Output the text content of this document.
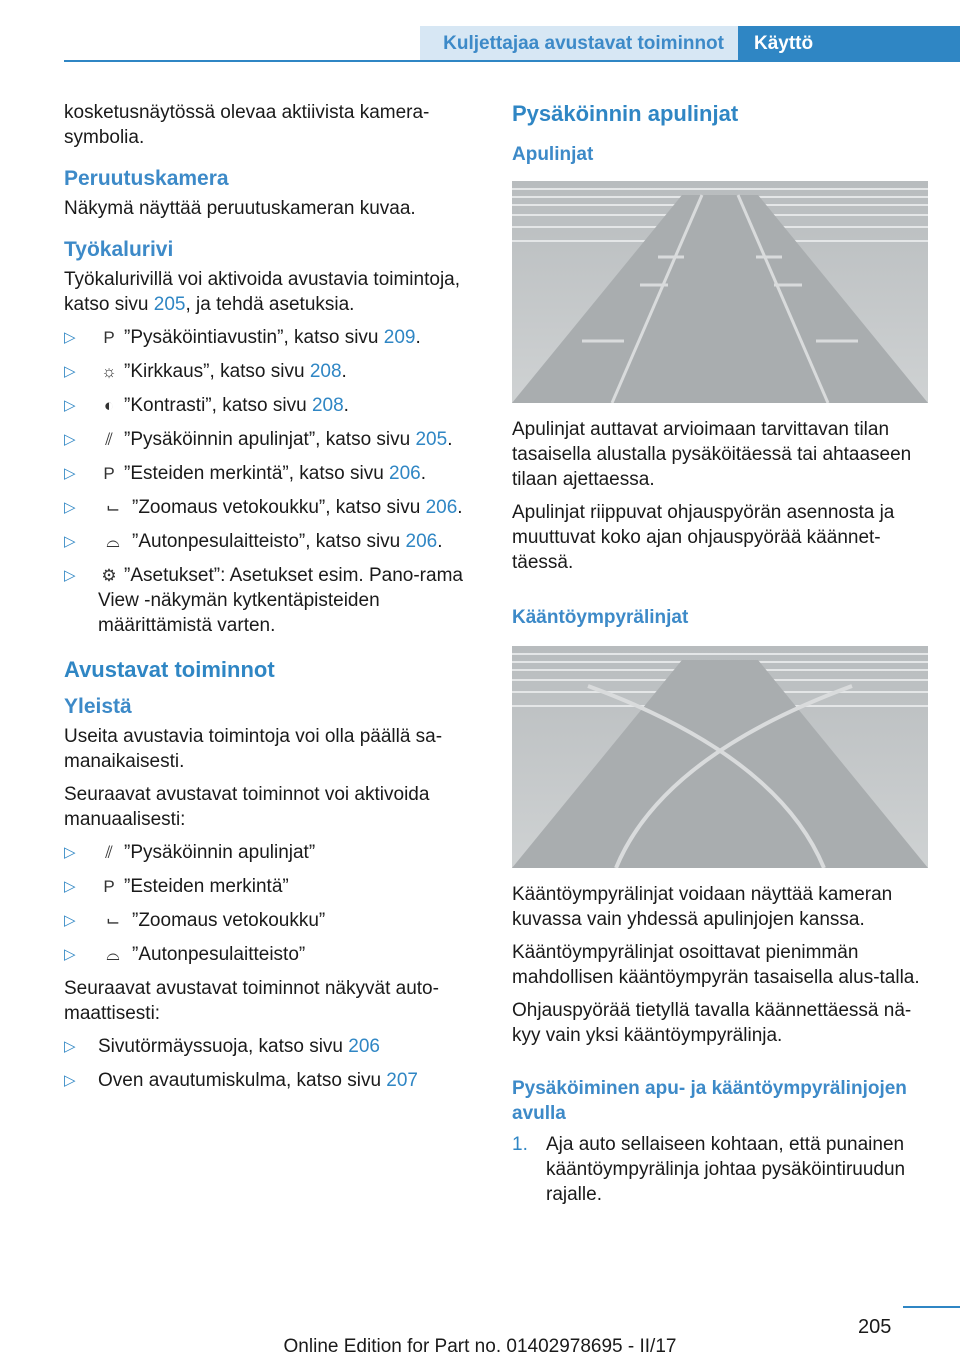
Kuljettajaa avustavat toiminnot	Käyttö

kosketusnäytössä olevaa aktiivista kamera‐symbolia.

Peruutuskamera

Näkymä näyttää peruutuskameran kuvaa.

Työkalurivi

Työkalurivillä voi aktivoida avustavia toimintoja, katso sivu 205, ja tehdä asetuksia.

▷ P ”Pysäköintiavustin”, katso sivu 209.
▷ ☼ ”Kirkkaus”, katso sivu 208.
▷ ◐ ”Kontrasti”, katso sivu 208.
▷ ⫽ ”Pysäköinnin apulinjat”, katso sivu 205.
▷ P ”Esteiden merkintä”, katso sivu 206.
▷ ⌙ ”Zoomaus vetokoukku”, katso sivu 206.
▷ ⌓ ”Autonpesulaitteisto”, katso sivu 206.
▷ ⚙ ”Asetukset”: Asetukset esim. Pano‐rama View ‐näkymän kytkentäpisteiden määrittämistä varten.
Avustavat toiminnot
Yleistä

Useita avustavia toimintoja voi olla päällä sa‐manaikaisesti.

Seuraavat avustavat toiminnot voi aktivoida manuaalisesti:

▷ ⫽ ”Pysäköinnin apulinjat”
▷ P ”Esteiden merkintä”
▷ ⌙ ”Zoomaus vetokoukku”
▷ ⌓ ”Autonpesulaitteisto”

Seuraavat avustavat toiminnot näkyvät auto‐maattisesti:

▷ Sivutörmäyssuoja, katso sivu 206
▷ Oven avautumiskulma, katso sivu 207
Pysäköinnin apulinjat
Apulinjat

Apulinjat auttavat arvioimaan tarvittavan tilan tasaisella alustalla pysäköitäessä tai ahtaaseen tilaan ajettaessa.

Apulinjat riippuvat ohjauspyörän asennosta ja muuttuvat koko ajan ohjauspyörää käännet‐täessä.

Kääntöympyrälinjat

Kääntöympyrälinjat voidaan näyttää kameran kuvassa vain yhdessä apulinjojen kanssa.

Kääntöympyrälinjat osoittavat pienimmän mahdollisen kääntöympyrän tasaisella alus‐talla.

Ohjauspyörää tietyllä tavalla käännettäessä nä‐kyy vain yksi kääntöympyrälinja.

Pysäköiminen apu- ja kääntöympyrälinjojen avulla
1. Aja auto sellaiseen kohtaan, että punainen kääntöympyrälinja johtaa pysäköintiruudun rajalle.
205
Online Edition for Part no. 01402978695 - II/17
